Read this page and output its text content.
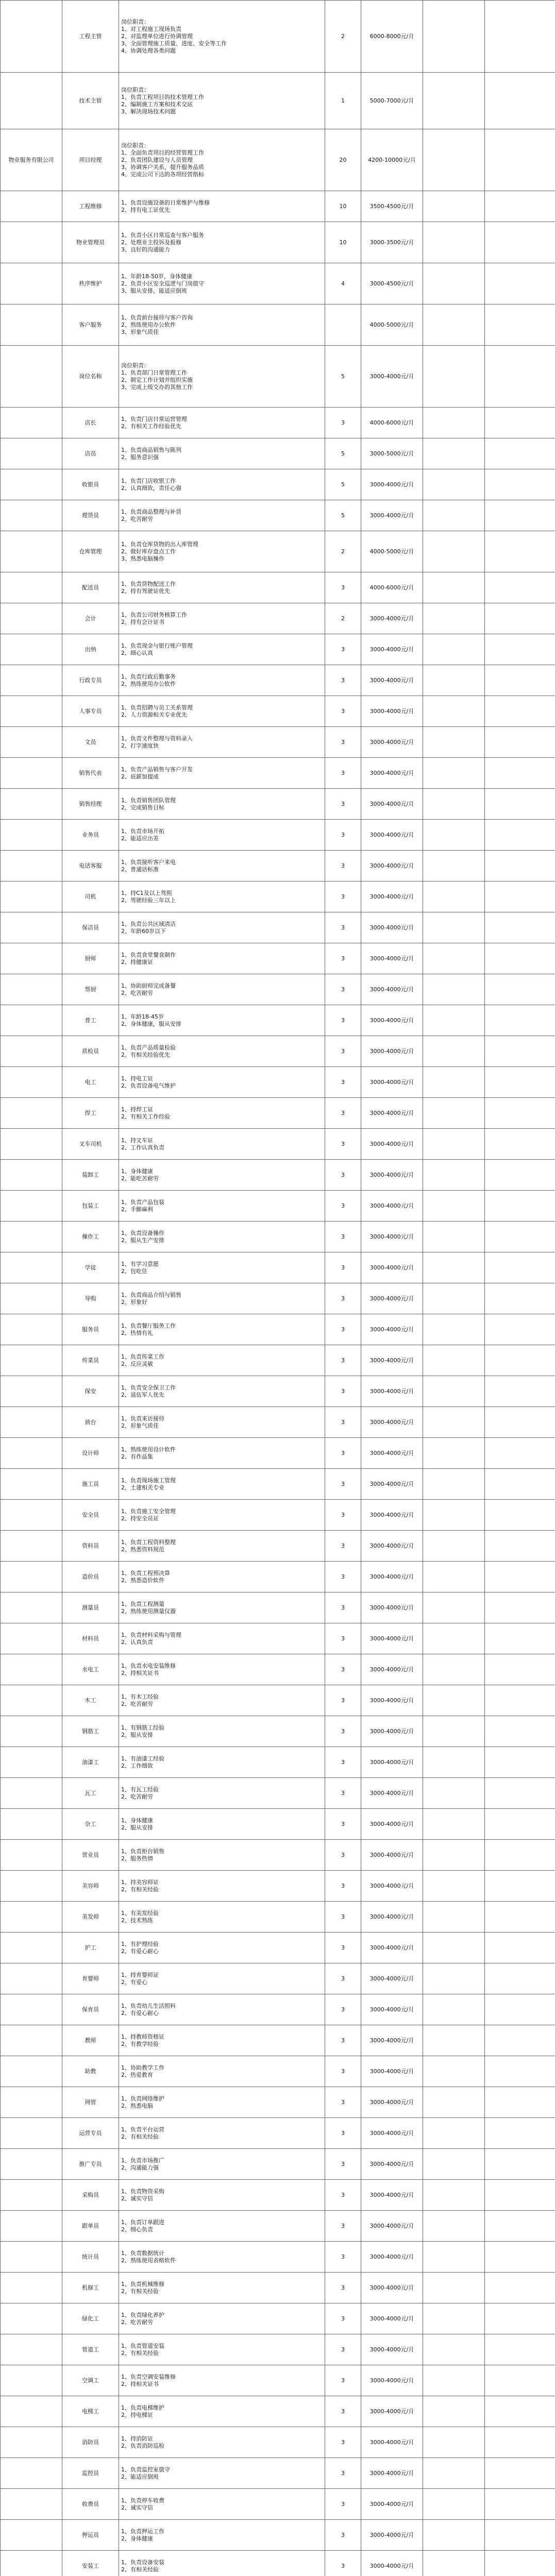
	工程主管	岗位职责：
1、对工程施工现场负责
2、对监理单位进行协调管理
3、全面管理施工质量、进度、安全等工作
4、协调处理各类问题	2	6000-8000元/月		
	技术主管	岗位职责：
1、负责工程项目的技术管理工作
2、编制施工方案和技术交底
3、解决现场技术问题	1	5000-7000元/月		
物业服务有限公司	项目经理	岗位职责：
1、全面负责项目的经营管理工作
2、负责团队建设与人员管理
3、协调客户关系，提升服务品质
4、完成公司下达的各项经营指标	20	4200-10000元/月		
	工程维修	1、负责设施设备的日常维护与维修
2、持有电工证优先	10	3500-4500元/月		
	物业管理员	1、负责小区日常巡查与客户服务
2、处理业主投诉及报修
3、良好的沟通能力	10	3000-3500元/月		
	秩序维护	1、年龄18-50岁，身体健康
2、负责小区安全巡逻与门岗值守
3、服从安排，能适应倒班	4	3000-4500元/月		
	客户服务	1、负责前台接待与客户咨询
2、熟练使用办公软件
3、形象气质佳		4000-5000元/月		
	岗位名称	岗位职责：
1、负责部门日常管理工作
2、制定工作计划并组织实施
3、完成上级交办的其他工作	5	3000-4000元/月		
	店长	1、负责门店日常运营管理
2、有相关工作经验优先	3	4000-6000元/月		
	店员	1、负责商品销售与陈列
2、服务意识强	5	3000-5000元/月		
	收银员	1、负责门店收银工作
2、认真细致，责任心强	5	3000-4000元/月		
	理货员	1、负责商品整理与补货
2、吃苦耐劳	5	3000-4000元/月		
	仓库管理	1、负责仓库货物的出入库管理
2、做好库存盘点工作
3、熟悉电脑操作	2	4000-5000元/月		
	配送员	1、负责货物配送工作
2、持有驾驶证优先	3	4000-6000元/月		
	会计	1、负责公司财务核算工作
2、持有会计证书	2	3000-4000元/月		
	出纳	1、负责现金与银行账户管理
2、细心认真	3	3000-4000元/月		
	行政专员	1、负责行政后勤事务
2、熟练使用办公软件	3	3000-4000元/月		
	人事专员	1、负责招聘与员工关系管理
2、人力资源相关专业优先	3	3000-4000元/月		
	文员	1、负责文件整理与资料录入
2、打字速度快	3	3000-4000元/月		
	销售代表	1、负责产品销售与客户开发
2、底薪加提成	3	3000-4000元/月		
	销售经理	1、负责销售团队管理
2、完成销售目标	3	3000-4000元/月		
	业务员	1、负责市场开拓
2、能适应出差	3	3000-4000元/月		
	电话客服	1、负责接听客户来电
2、普通话标准	3	3000-4000元/月		
	司机	1、持C1及以上驾照
2、驾驶经验三年以上	3	3000-4000元/月		
	保洁员	1、负责公共区域清洁
2、年龄60岁以下	3	3000-4000元/月		
	厨师	1、负责食堂餐食制作
2、持健康证	3	3000-4000元/月		
	帮厨	1、协助厨师完成备餐
2、吃苦耐劳	3	3000-4000元/月		
	普工	1、年龄18-45岁
2、身体健康，服从安排	3	3000-4000元/月		
	质检员	1、负责产品质量检验
2、有相关经验优先	3	3000-4000元/月		
	电工	1、持电工证
2、负责设备电气维护	3	3000-4000元/月		
	焊工	1、持焊工证
2、有相关工作经验	3	3000-4000元/月		
	叉车司机	1、持叉车证
2、工作认真负责	3	3000-4000元/月		
	装卸工	1、身体健康
2、能吃苦耐劳	3	3000-4000元/月		
	包装工	1、负责产品包装
2、手脚麻利	3	3000-4000元/月		
	操作工	1、负责设备操作
2、服从生产安排	3	3000-4000元/月		
	学徒	1、有学习意愿
2、包吃住	3	3000-4000元/月		
	导购	1、负责商品介绍与销售
2、形象好	3	3000-4000元/月		
	服务员	1、负责餐厅服务工作
2、热情有礼	3	3000-4000元/月		
	传菜员	1、负责传菜工作
2、反应灵敏	3	3000-4000元/月		
	保安	1、负责安全保卫工作
2、退伍军人优先	3	3000-4000元/月		
	前台	1、负责来访接待
2、形象气质佳	3	3000-4000元/月		
	设计师	1、熟练使用设计软件
2、有作品集	3	3000-4000元/月		
	施工员	1、负责现场施工管理
2、土建相关专业	3	3000-4000元/月		
	安全员	1、负责施工安全管理
2、持安全员证	3	3000-4000元/月		
	资料员	1、负责工程资料整理
2、熟悉资料规范	3	3000-4000元/月		
	造价员	1、负责工程预决算
2、熟悉造价软件	3	3000-4000元/月		
	测量员	1、负责工程测量
2、熟练使用测量仪器	3	3000-4000元/月		
	材料员	1、负责材料采购与管理
2、认真负责	3	3000-4000元/月		
	水电工	1、负责水电安装维修
2、持相关证书	3	3000-4000元/月		
	木工	1、有木工经验
2、吃苦耐劳	3	3000-4000元/月		
	钢筋工	1、有钢筋工经验
2、服从安排	3	3000-4000元/月		
	油漆工	1、有油漆工经验
2、工作细致	3	3000-4000元/月		
	瓦工	1、有瓦工经验
2、吃苦耐劳	3	3000-4000元/月		
	杂工	1、身体健康
2、服从安排	3	3000-4000元/月		
	营业员	1、负责柜台销售
2、服务热情	3	3000-4000元/月		
	美容师	1、持美容师证
2、有相关经验	3	3000-4000元/月		
	美发师	1、有美发经验
2、技术熟练	3	3000-4000元/月		
	护工	1、有护理经验
2、有爱心耐心	3	3000-4000元/月		
	育婴师	1、持育婴师证
2、有爱心	3	3000-4000元/月		
	保育员	1、负责幼儿生活照料
2、有爱心耐心	3	3000-4000元/月		
	教师	1、持教师资格证
2、有教学经验	3	3000-4000元/月		
	助教	1、协助教学工作
2、热爱教育	3	3000-4000元/月		
	网管	1、负责网络维护
2、熟悉电脑	3	3000-4000元/月		
	运营专员	1、负责平台运营
2、有相关经验	3	3000-4000元/月		
	推广专员	1、负责市场推广
2、沟通能力强	3	3000-4000元/月		
	采购员	1、负责物资采购
2、诚实守信	3	3000-4000元/月		
	跟单员	1、负责订单跟进
2、细心负责	3	3000-4000元/月		
	统计员	1、负责数据统计
2、熟练使用表格软件	3	3000-4000元/月		
	机修工	1、负责机械维修
2、有相关经验	3	3000-4000元/月		
	绿化工	1、负责绿化养护
2、吃苦耐劳	3	3000-4000元/月		
	管道工	1、负责管道安装
2、有相关经验	3	3000-4000元/月		
	空调工	1、负责空调安装维修
2、持相关证书	3	3000-4000元/月		
	电梯工	1、负责电梯维护
2、持电梯证	3	3000-4000元/月		
	消防员	1、持消防证
2、负责消防巡检	3	3000-4000元/月		
	监控员	1、负责监控室值守
2、能适应倒班	3	3000-4000元/月		
	收费员	1、负责停车收费
2、诚实守信	3	3000-4000元/月		
	押运员	1、负责押运工作
2、身体健康	3	3000-4000元/月		
	安装工	1、负责设备安装
2、有相关经验	3	3000-4000元/月		
